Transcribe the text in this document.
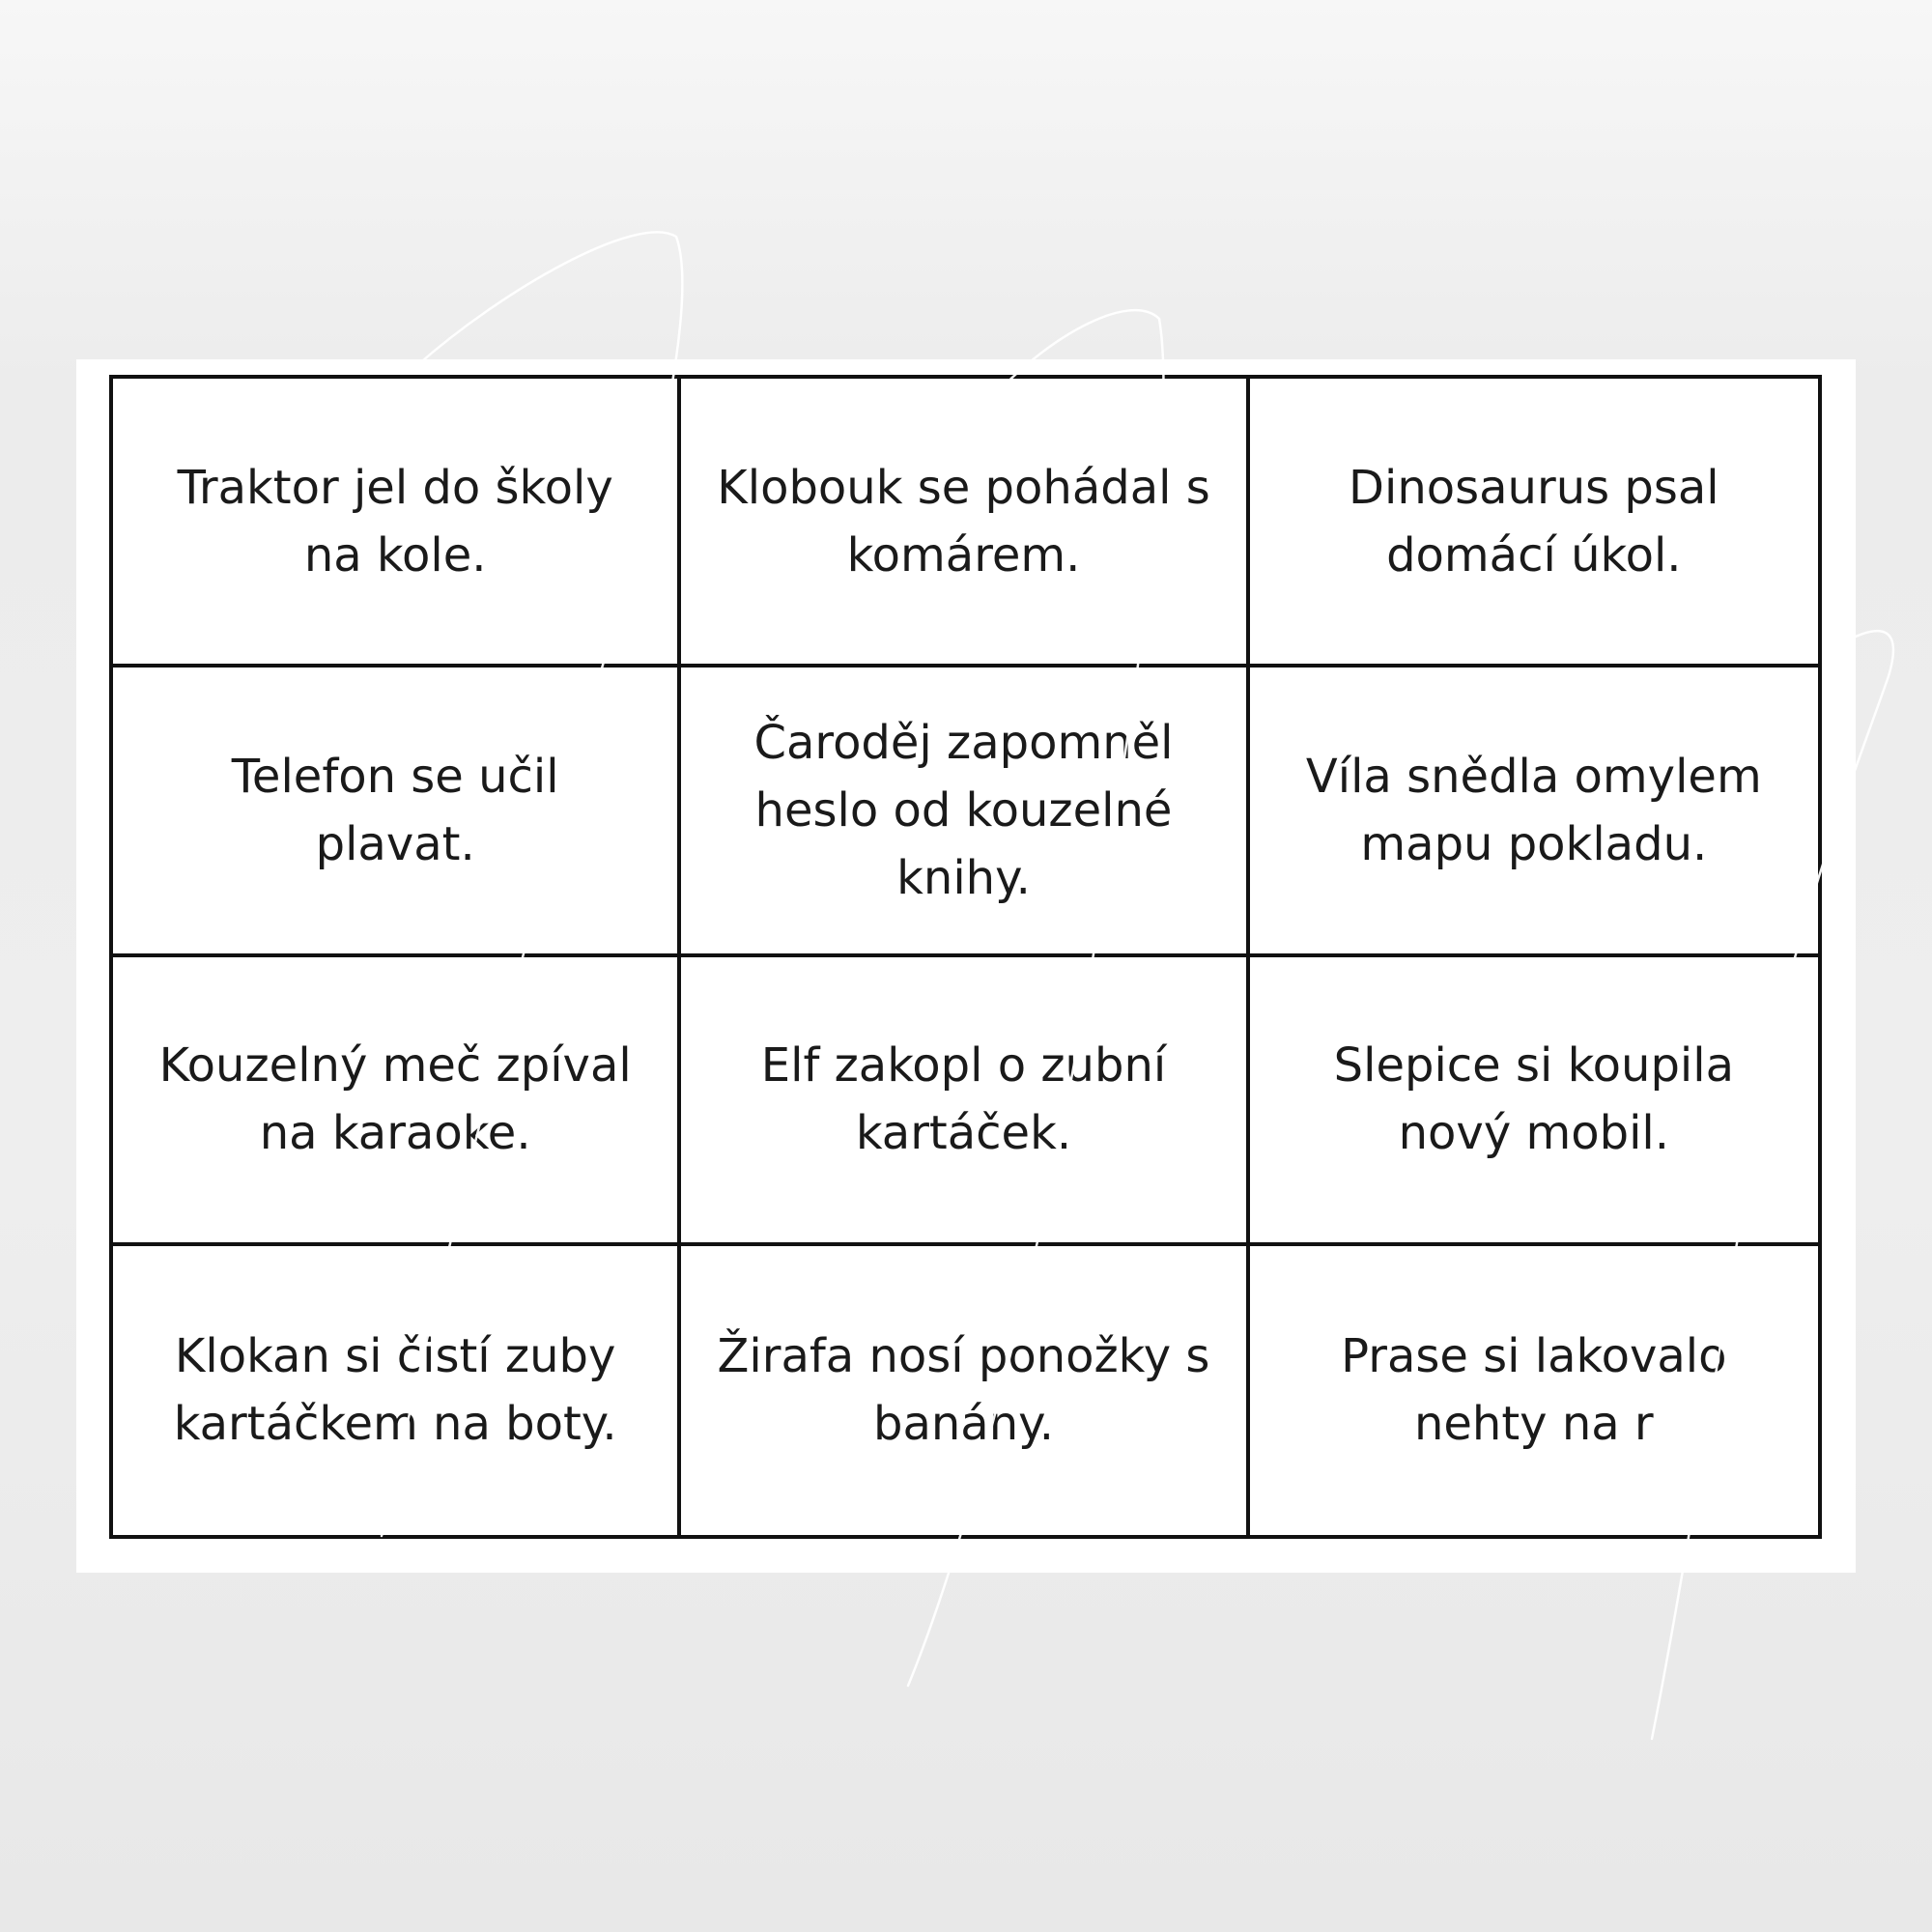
Traktor jel do školy na kole.
Klobouk se pohádal s komárem.
Dinosaurus psal domácí úkol.
Telefon se učil plavat.
Čaroděj zapomněl heslo od kouzelné knihy.
Víla snědla omylem mapu pokladu.
Kouzelný meč zpíval na karaoke.
Elf zakopl o zubní kartáček.
Slepice si koupila nový mobil.
Klokan si čistí zuby kartáčkem na boty.
Žirafa nosí ponožky s banány.
Prase si lakovalo nehty na r
